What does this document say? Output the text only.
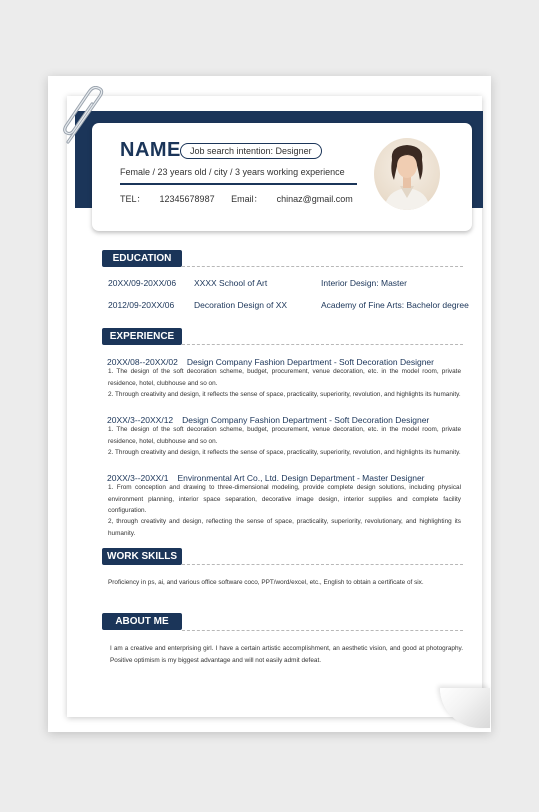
NAME	Job search intention: Designer
Female / 23 years old / city / 3 years working experience
TEL： 12345678987 Email： chinaz@gmail.com
EDUCATION
20XX/09-20XX/06 XXXX School of Art	Interior Design: Master
2012/09-20XX/06 Decoration Design of XX	Academy of Fine Arts: Bachelor degree
EXPERIENCE
20XX/08--20XX/02 Design Company Fashion Department - Soft Decoration Designer
1. The design of the soft decoration scheme, budget, procurement, venue decoration, etc. in the model room, private residence, hotel, clubhouse and so on.
2. Through creativity and design, it reflects the sense of space, practicality, superiority, revolution, and highlights its humanity.
20XX/3--20XX/12 Design Company Fashion Department - Soft Decoration Designer
1. The design of the soft decoration scheme, budget, procurement, venue decoration, etc. in the model room, private residence, hotel, clubhouse and so on.
2. Through creativity and design, it reflects the sense of space, practicality, superiority, revolution, and highlights its humanity.
20XX/3--20XX/1 Environmental Art Co., Ltd. Design Department - Master Designer
1. From conception and drawing to three-dimensional modeling, provide complete design solutions, including physical environment planning, interior space separation, decorative image design, interior supplies and complete facility configuration.
2, through creativity and design, reflecting the sense of space, practicality, superiority, revolutionary, and highlighting its humanity.
WORK SKILLS
Proficiency in ps, ai, and various office software coco, PPT/word/excel, etc., English to obtain a certificate of six.
ABOUT ME
I am a creative and enterprising girl. I have a certain artistic accomplishment, an aesthetic vision, and good at photography. Positive optimism is my biggest advantage and will not easily admit defeat.
